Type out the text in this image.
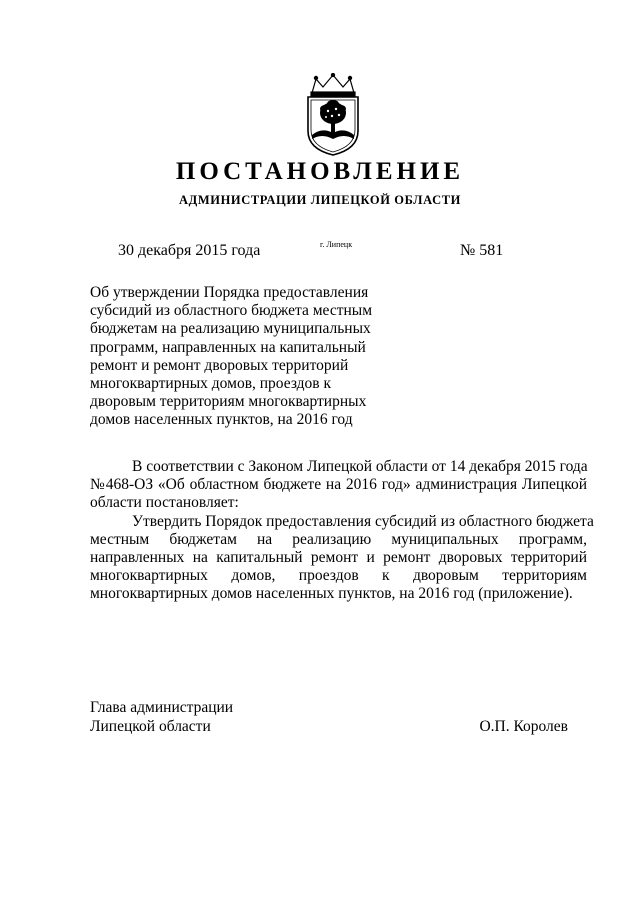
ПОСТАНОВЛЕНИЕ
АДМИНИСТРАЦИИ ЛИПЕЦКОЙ ОБЛАСТИ
30 декабря 2015 года	г. Липецк	№ 581
Об утверждении Порядка предоставления
субсидий из областного бюджета местным
бюджетам на реализацию муниципальных
программ, направленных на капитальный
ремонт и ремонт дворовых территорий
многоквартирных домов, проездов к
дворовым территориям многоквартирных
домов населенных пунктов, на 2016 год
В соответствии с Законом Липецкой области от 14 декабря 2015 года
№468-ОЗ «Об областном бюджете на 2016 год» администрация Липецкой
области постановляет:
Утвердить Порядок предоставления субсидий из областного бюджета
местным бюджетам на реализацию муниципальных программ,
направленных на капитальный ремонт и ремонт дворовых территорий
многоквартирных домов, проездов к дворовым территориям
многоквартирных домов населенных пунктов, на 2016 год (приложение).
Глава администрации
Липецкой области	О.П. Королев
